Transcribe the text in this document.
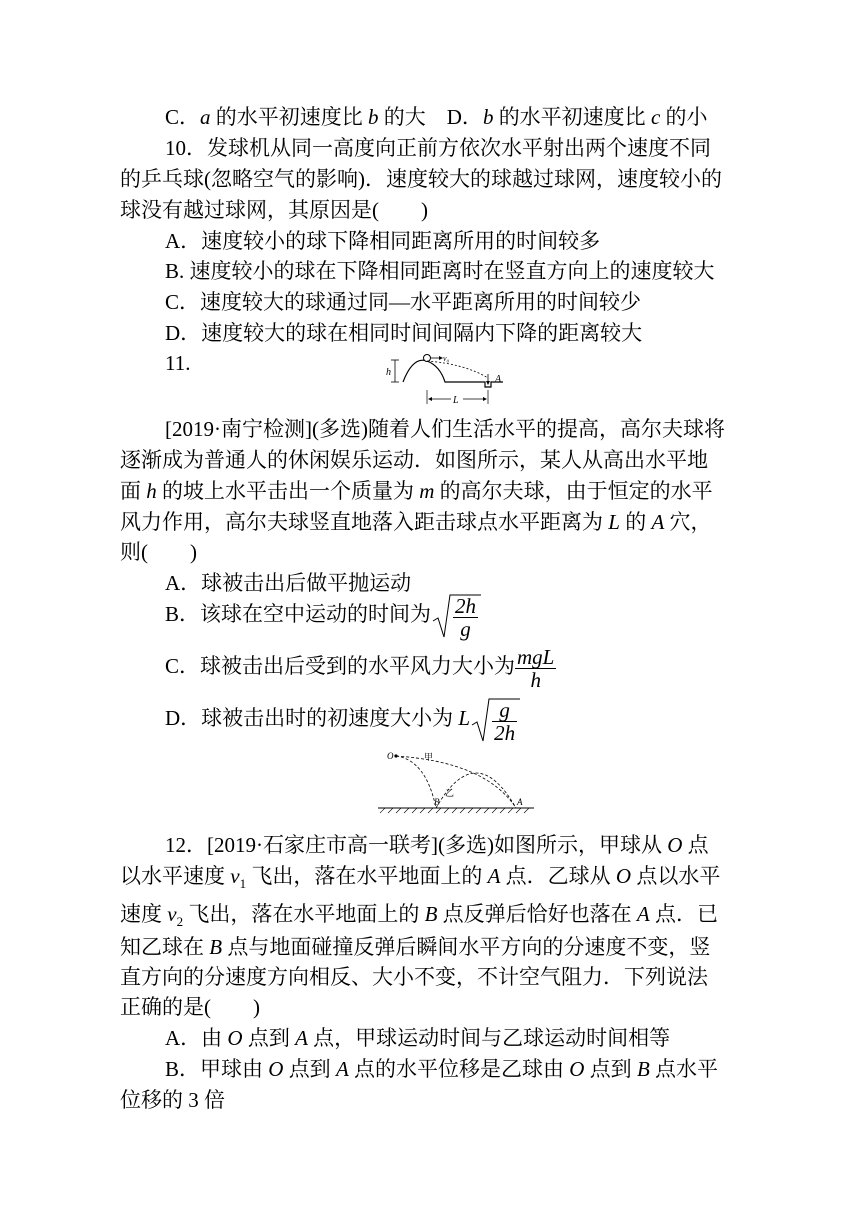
C．a 的水平初速度比 b 的大　D．b 的水平初速度比 c 的小
10．发球机从同一高度向正前方依次水平射出两个速度不同
的乒乓球(忽略空气的影响)．速度较大的球越过球网，速度较小的
球没有越过球网，其原因是(　　)
A．速度较小的球下降相同距离所用的时间较多
B. 速度较小的球在下降相同距离时在竖直方向上的速度较大
C．速度较大的球通过同—水平距离所用的时间较少
D．速度较大的球在相同时间间隔内下降的距离较大
11.	h
v₀
A
L
[2019·南宁检测](多选)随着人们生活水平的提高，高尔夫球将
逐渐成为普通人的休闲娱乐运动．如图所示，某人从高出水平地
面 h 的坡上水平击出一个质量为 m 的高尔夫球，由于恒定的水平
风力作用，高尔夫球竖直地落入距击球点水平距离为 L 的 A 穴，
则(　　)
A．球被击出后做平抛运动
B．该球在空中运动的时间为 $\frac{2h}{g}$
C．球被击出后受到的水平风力大小为 $\frac{\text{mgL}}{h}$
D．球被击出时的初速度大小为 L $\frac{g}{2h}$
O	甲
乙
B	A
12．[2019·石家庄市高一联考](多选)如图所示，甲球从 O 点
以水平速度 $v_1$ 飞出，落在水平地面上的 A 点．乙球从 O 点以水平
速度 $v_2$ 飞出，落在水平地面上的 B 点反弹后恰好也落在 A 点．已
知乙球在 B 点与地面碰撞反弹后瞬间水平方向的分速度不变，竖
直方向的分速度方向相反、大小不变，不计空气阻力．下列说法
正确的是(　　)
A．由 O 点到 A 点，甲球运动时间与乙球运动时间相等
B．甲球由 O 点到 A 点的水平位移是乙球由 O 点到 B 点水平
位移的 3 倍
